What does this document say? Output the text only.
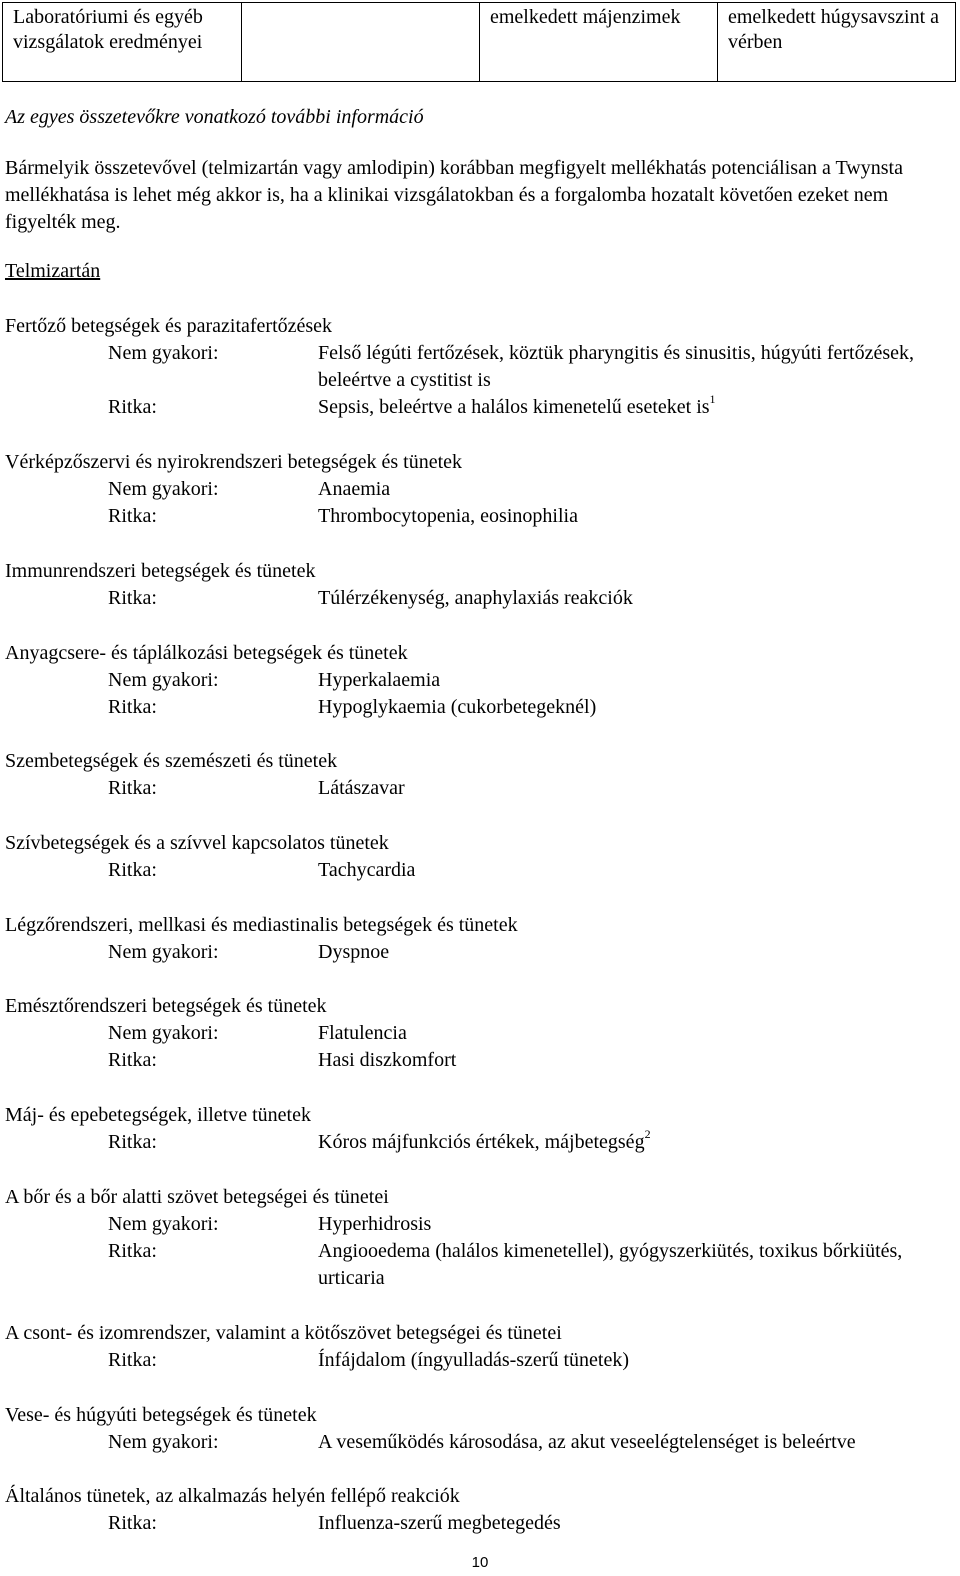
Laboratóriumi és egyéb vizsgálatok eredményei		emelkedett májenzimek	emelkedett húgysavszint a vérben
Az egyes összetevőkre vonatkozó további információ
Bármelyik összetevővel (telmizartán vagy amlodipin) korábban megfigyelt mellékhatás potenciálisan a Twynsta mellékhatása is lehet még akkor is, ha a klinikai vizsgálatokban és a forgalomba hozatalt követően ezeket nem figyelték meg.
Telmizartán
Fertőző betegségek és parazitafertőzések
Nem gyakori:	Felső légúti fertőzések, köztük pharyngitis és sinusitis, húgyúti fertőzések, beleértve a cystitist is
Ritka:	Sepsis, beleértve a halálos kimenetelű eseteket $is^1$
Vérképzőszervi és nyirokrendszeri betegségek és tünetek
Nem gyakori:	Anaemia
Ritka:	Thrombocytopenia, eosinophilia
Immunrendszeri betegségek és tünetek
Ritka:	Túlérzékenység, anaphylaxiás reakciók
Anyagcsere- és táplálkozási betegségek és tünetek
Nem gyakori:	Hyperkalaemia
Ritka:	Hypoglykaemia (cukorbetegeknél)
Szembetegségek és szemészeti és tünetek
Ritka:	Látászavar
Szívbetegségek és a szívvel kapcsolatos tünetek
Ritka:	Tachycardia
Légzőrendszeri, mellkasi és mediastinalis betegségek és tünetek
Nem gyakori:	Dyspnoe
Emésztőrendszeri betegségek és tünetek
Nem gyakori:	Flatulencia
Ritka:	Hasi diszkomfort
Máj- és epebetegségek, illetve tünetek
Ritka:	Kóros májfunkciós értékek, májbetegség$^2$
A bőr és a bőr alatti szövet betegségei és tünetei
Nem gyakori:	Hyperhidrosis
Ritka:	Angiooedema (halálos kimenetellel), gyógyszerkiütés, toxikus bőrkiütés, urticaria
A csont- és izomrendszer, valamint a kötőszövet betegségei és tünetei
Ritka:	Ínfájdalom (íngyulladás-szerű tünetek)
Vese- és húgyúti betegségek és tünetek
Nem gyakori:	A veseműködés károsodása, az akut veseelégtelenséget is beleértve
Általános tünetek, az alkalmazás helyén fellépő reakciók
Ritka:	Influenza-szerű megbetegedés
10
